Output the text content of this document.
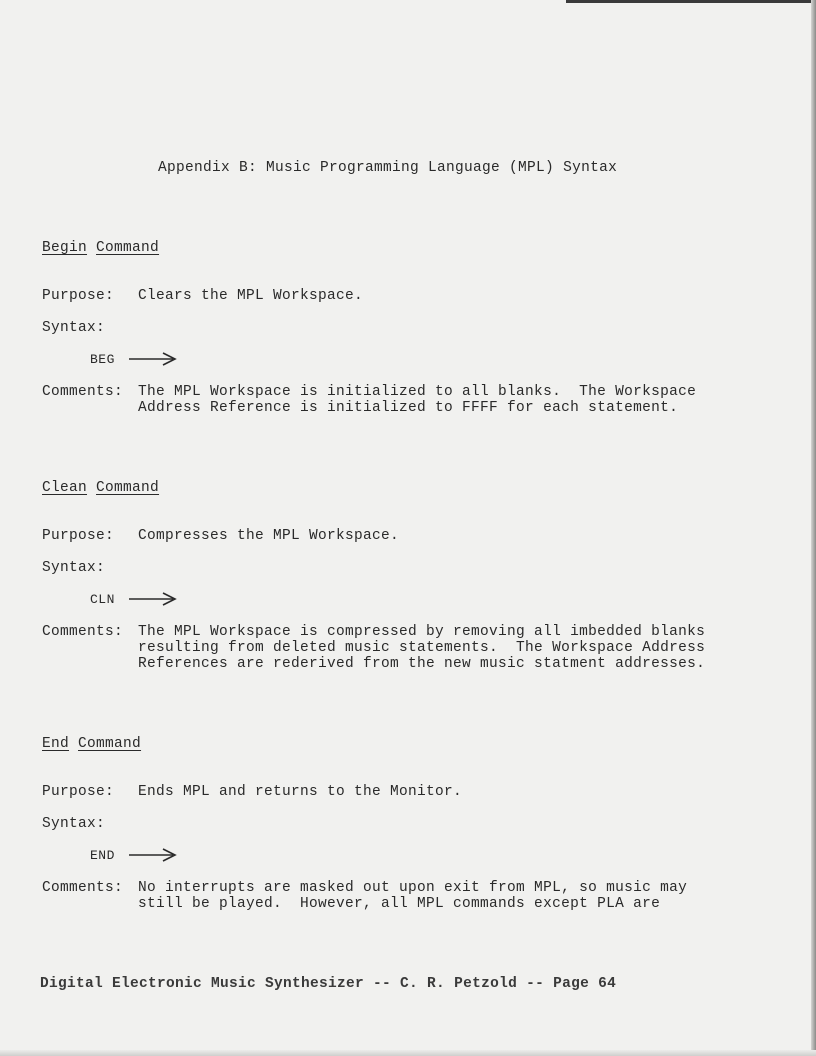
Appendix B: Music Programming Language (MPL) Syntax
Begin Command
Purpose: Clears the MPL Workspace.
Syntax:
BEG
Comments: The MPL Workspace is initialized to all blanks.  The Workspace
Address Reference is initialized to FFFF for each statement.
Clean Command
Purpose: Compresses the MPL Workspace.
Syntax:
CLN
Comments: The MPL Workspace is compressed by removing all imbedded blanks
resulting from deleted music statements.  The Workspace Address
References are rederived from the new music statment addresses.
End Command
Purpose: Ends MPL and returns to the Monitor.
Syntax:
END
Comments: No interrupts are masked out upon exit from MPL, so music may
still be played.  However, all MPL commands except PLA are
Digital Electronic Music Synthesizer -- C. R. Petzold -- Page 64
